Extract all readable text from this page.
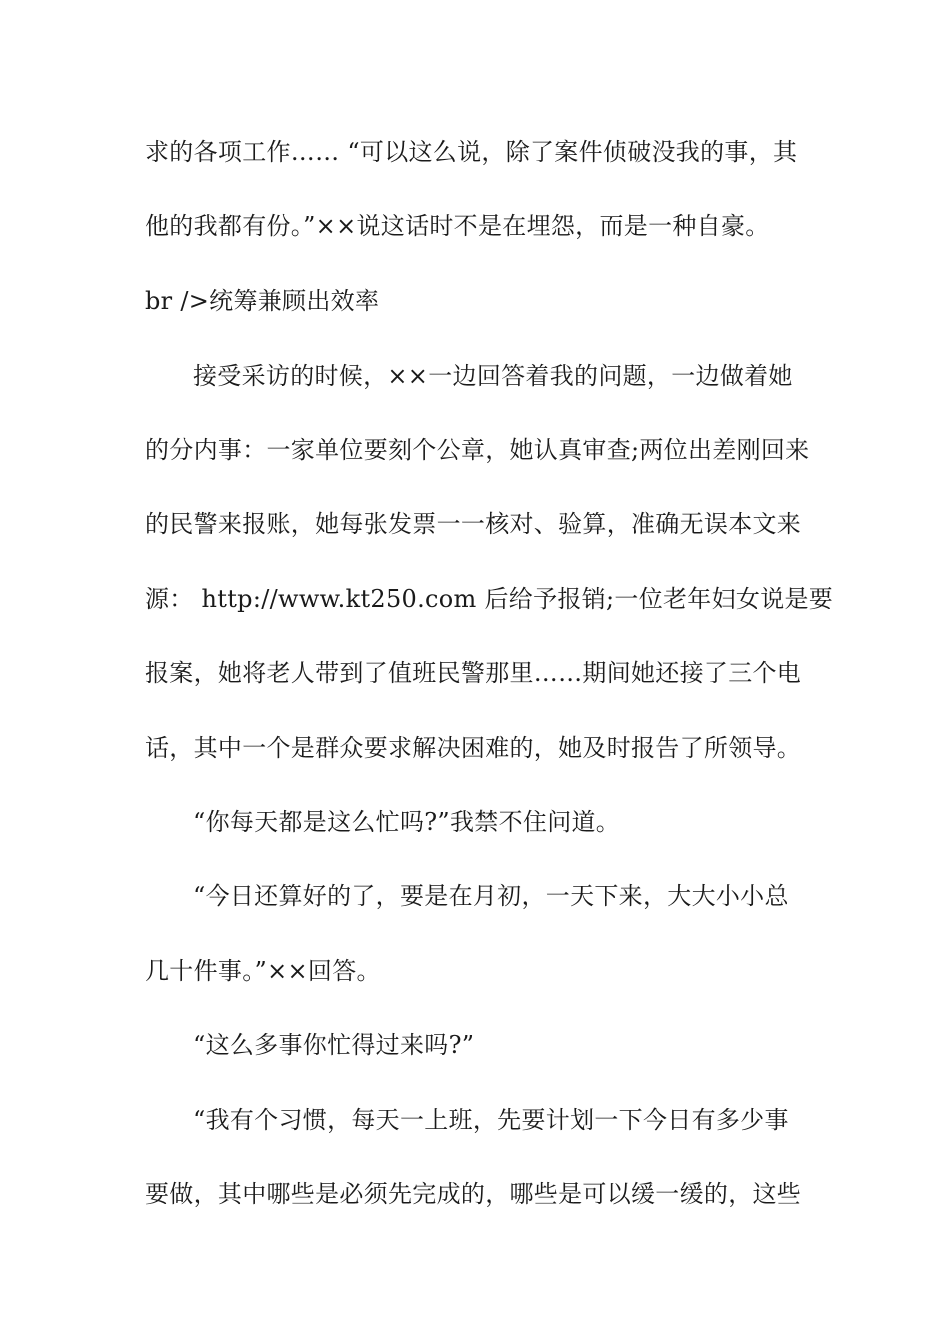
求的各项工作…… “可以这么说，除了案件侦破没我的事，其
他的我都有份。”××说这话时不是在埋怨，而是一种自豪。
br />统筹兼顾出效率
接受采访的时候，××一边回答着我的问题，一边做着她
的分内事：一家单位要刻个公章，她认真审查;两位出差刚回来
的民警来报账，她每张发票一一核对、验算，准确无误本文来
源： http://www.kt250.com 后给予报销;一位老年妇女说是要
报案，她将老人带到了值班民警那里……期间她还接了三个电
话，其中一个是群众要求解决困难的，她及时报告了所领导。
“你每天都是这么忙吗?”我禁不住问道。
“今日还算好的了，要是在月初，一天下来，大大小小总
几十件事。”××回答。
“这么多事你忙得过来吗?”
“我有个习惯，每天一上班，先要计划一下今日有多少事
要做，其中哪些是必须先完成的，哪些是可以缓一缓的，这些
